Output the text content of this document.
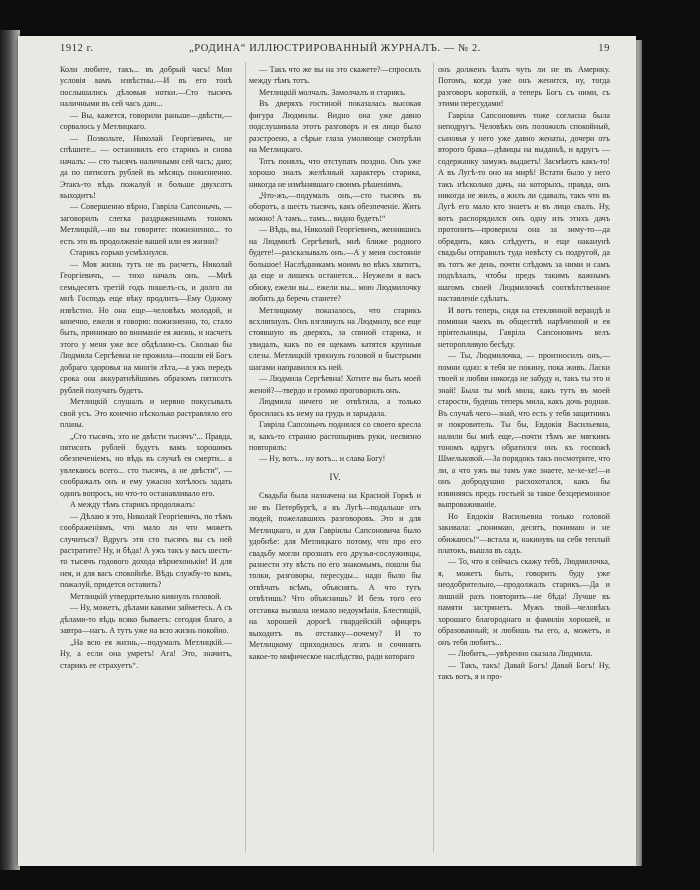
1912 г.	„РОДИНА“ ИЛЛЮСТРИРОВАННЫЙ ЖУРНАЛЪ. — № 2.	19

Коли любите, такъ... въ добрый часъ! Мои условія вамъ извѣстны.—И въ его тонѣ послышались дѣловыя нотки.—Сто тысячъ наличными въ сей часъ даю...

— Вы, кажется, говорили раньше—двѣсти,—сорвалось у Метлицкаго.

— Позвольте, Николай Георгіевичъ, не спѣшите... — остановилъ его старикъ и снова началъ: — сто тысячъ наличными сей часъ; даю; да по пятисотъ рублей въ мѣсяцъ пожизненно. Этакъ-то вѣдь пожалуй и больше двухсотъ выходитъ!

— Совершенно вѣрно, Гавріла Сапсонычъ, — заговорилъ слегка раздраженнымъ тономъ Метлицкій,—но вы говорите: пожизненно... то есть это въ продолженіе вашей или ея жизни?

Старикъ горько усмѣхнулся.

— Моя жизнь тутъ не въ расчетъ, Николай Георгіевичъ, — тихо началъ онъ. —Мнѣ семьдесятъ третій годъ пошелъ-съ, и долго ли мнѣ Господь еще вѣку продлитъ—Ему Одному извѣстно. Но она еще—человѣкъ молодой, и конечно, ежели я говорю: пожизненно, то, стало быть, принимаю во вниманіе ея жизнь, и насчетъ этого у меня уже все обдѣлано-съ. Сколько бы Людмила Сергѣевна не прожила—пошли ей Богъ добраго здоровья на многія лѣта,—а ужъ передъ срока она аккуратнѣйшимъ образомъ пятисотъ рублей получать будетъ.

Метлицкій слушалъ и нервно покусывалъ свой усъ. Это конечно нѣсколько растравляло его планы.

„Сто тысячъ, это не двѣсти тысячъ“... Правда, пятисотъ рублей будутъ вамъ хорошимъ обезпеченіемъ, но вѣдь въ случаѣ ея смерти... а увлекаюсь всего... сто тысячъ, а не двѣсти“, — соображалъ онъ и ему ужасно хотѣлось задать одинъ вопросъ, но что-то останавливало его.

А между тѣмъ старикъ продолжалъ:

— Дѣлаю я это, Николай Георгіевичъ, по тѣмъ соображеніямъ, что мало ли что можетъ случиться? Вдругъ эти сто тысячъ вы съ ней растратите? Ну, и бѣда! А ужъ такъ у васъ шесть-то тысячъ годового дохода вѣрнехонькіи! И для нея, и для васъ спокойнѣе. Вѣдь службу-то вамъ, пожалуй, придется оставить?

Метлицкій утвердительно кивнулъ головой.

— Ну, можетъ, дѣлами какими займетесь. А съ дѣлами-то вѣдь всяко бываетъ: сегодня благо, а завтра—нагъ. А тутъ уже на всю жизнь покойно.

„На всю ея жизнь,—подумалъ Метлицкій.— Ну, а если она умретъ! Ага! Это, значитъ, старикъ ее страхуетъ“.

— Такъ что же вы на это скажете?—спросилъ между тѣмъ тотъ.

Метлицкій молчалъ. Замолчалъ и старикъ.

Въ дверяхъ гостиной показалась высокая фигура Людмилы. Видно она уже давно подслушивала этотъ разговоръ и ея лицо было разстроено, а сѣрые глаза умоляюще смотрѣли на Метлицкаго.

Тотъ понялъ, что отступать поздно. Онъ уже хорошо зналъ желѣзный характеръ старика, никогда не измѣнявшаго своимъ рѣшеніямъ.

„Что-жъ,—подумалъ онъ,—сто тысячъ въ оборотъ, а шесть тысячъ, какъ обезпеченіе. Жить можно! А тамъ... тамъ... видно будетъ!“

— Вѣдь, вы, Николай Георгіевичъ, женившись на Людмилѣ Сергѣевнѣ, мнѣ ближе родного будете!—разсказывалъ онъ.—А у меня состояніе большое! Наслѣдникамъ моимъ во вѣкъ хватитъ, да еще и лишекъ останется... Неужели я васъ обижу, ежели вы... ежели вы... мою Людмилочку любить да беречь станете?

Метлицкому показалось, что старикъ всхлипнулъ. Онъ взглянулъ на Людмилу, все еще стоявшую въ дверяхъ, за спиной старика, и увидалъ, какъ по ея щекамъ катятся крупныя слезы. Метлицкій тряхнулъ головой и быстрыми шагами направился къ ней.

— Людмила Сергѣевна! Хотите вы быть моей женой?—твердо и громко проговорилъ онъ.

Людмила ничего не отвѣтила, а только бросилась къ нему на грудь и зарыдала.

Гавріла Сапсонычъ поднялся со своего кресла и, какъ-то странно растопыривъ руки, несвязно повторялъ:

— Ну, вотъ... ну вотъ... и слава Богу!

IV.

Свадьба была назначена на Красной Горкѣ и не въ Петербургѣ, а въ Лугѣ—подальше отъ людей, пожелавшихъ разговоровъ. Это и для Метлицкаго, и для Гавріилы Сапсоновича было удобнѣе: для Метлицкаго потому, что про его свадьбу могли прознать его друзья-сослуживцы, разнести эту вѣсть по его знакомымъ, пошли бы толки, разговоры, пересуды... надо было бы отвѣчать всѣмъ, объяснять. А что тутъ отвѣтишь? Что объяснишь? И безъ того его отставка вызвала немало недоумѣнія. Блестящій, на хорошей дорогѣ гвардейскій офицеръ выходитъ въ отставку—почему? И то Метлицкому приходилось лгать и сочинять какое-то мифическое наслѣдство, ради котораго

онъ долженъ ѣхать чуть ли не въ Америку. Потомъ, когда уже онъ женится, ну, тогда разговоръ короткій, а теперь Богъ съ ними, съ этими пересудами!

Гавріла Сапсоновичъ тоже согласна была неподругъ. Человѣкъ онъ положилъ спокойный, сыновья у него уже давно женаты, дочери отъ второго брака—дѣвицы на выданьѣ, и вдругъ —содержанку замужъ выдаетъ! Засмѣютъ какъ-то! А въ Лугѣ-то оно на мирѣ! Встати было у него такъ нѣсколько дачъ, на которыхъ, правда, онъ никогда не жилъ, а жилъ ли сдавалъ, такъ что въ Лугѣ его мало кто знаетъ и въ лицо свалъ. Ну, вотъ распорядился онъ одну изъ этихъ дачъ протопить—проверила она за зиму-то—да обрядить, какъ слѣдуетъ, и еще наканунѣ свадьбы отправилъ туда невѣсту съ подругой, да въ тотъ же день, почти слѣдомъ за ними и самъ подъѣхалъ, чтобы предъ такимъ важнымъ шагомъ своей Людмилочкѣ соотвѣтственное наставленіе сдѣлать.

И вотъ теперь, сидя на стеклянной верандѣ и поминая чаекъ въ обществѣ нарѣченной и ея пріятельницы, Гавріла Сапсоновичъ велъ неторопливую бесѣду.

— Ты, Людмилочка, — произносилъ онъ,—помни одно: я тебя не покину, пока живъ. Ласки твоей и любви никогда не забуду и, такъ ты это и знай! Была ты мнѣ мила, какъ тутъ въ моей старости, будешь теперь мила, какъ дочь родная. Въ случаѣ чего—знай, что есть у тебя защитникъ и покровитель. Ты бы, Евдокія Васильевна, налили бы мнѣ еще,—почти тѣмъ же мягкимъ тономъ вдругъ обратился онъ къ госпожѣ Шмельковой.—За порядокъ такъ посмотрите, что ли, а что ужъ вы тамъ уже знаете, хе-хе-хе!—и онъ добродушно расхохотался, какъ бы извиняясь предъ гостьей за такое безцеремонное выпроваживаніе.

Но Евдокія Васильевна только головой закивала: „понимаю, десятъ, понимаю и не обижаюсь!“—встала и, накинувъ на себя теплый платокъ, вышла въ садъ.

— То, что я сейчасъ скажу тебѣ, Людмилочка, я, можетъ быть, говорить буду уже неодобрительно,—продолжалъ старикъ.—Да и лишній разъ повторить—не бѣда! Лучше въ памяти застрянетъ. Мужъ твой—человѣкъ хорошаго благороднаго и фамиліи хорошей, и образованный; и любишь ты его, а, можетъ, и онъ тебя любитъ...

— Любитъ,—увѣренно сказала Людмила.

— Такъ, такъ! Давай Богъ! Давай Богъ! Ну, такъ вотъ, я и про-
